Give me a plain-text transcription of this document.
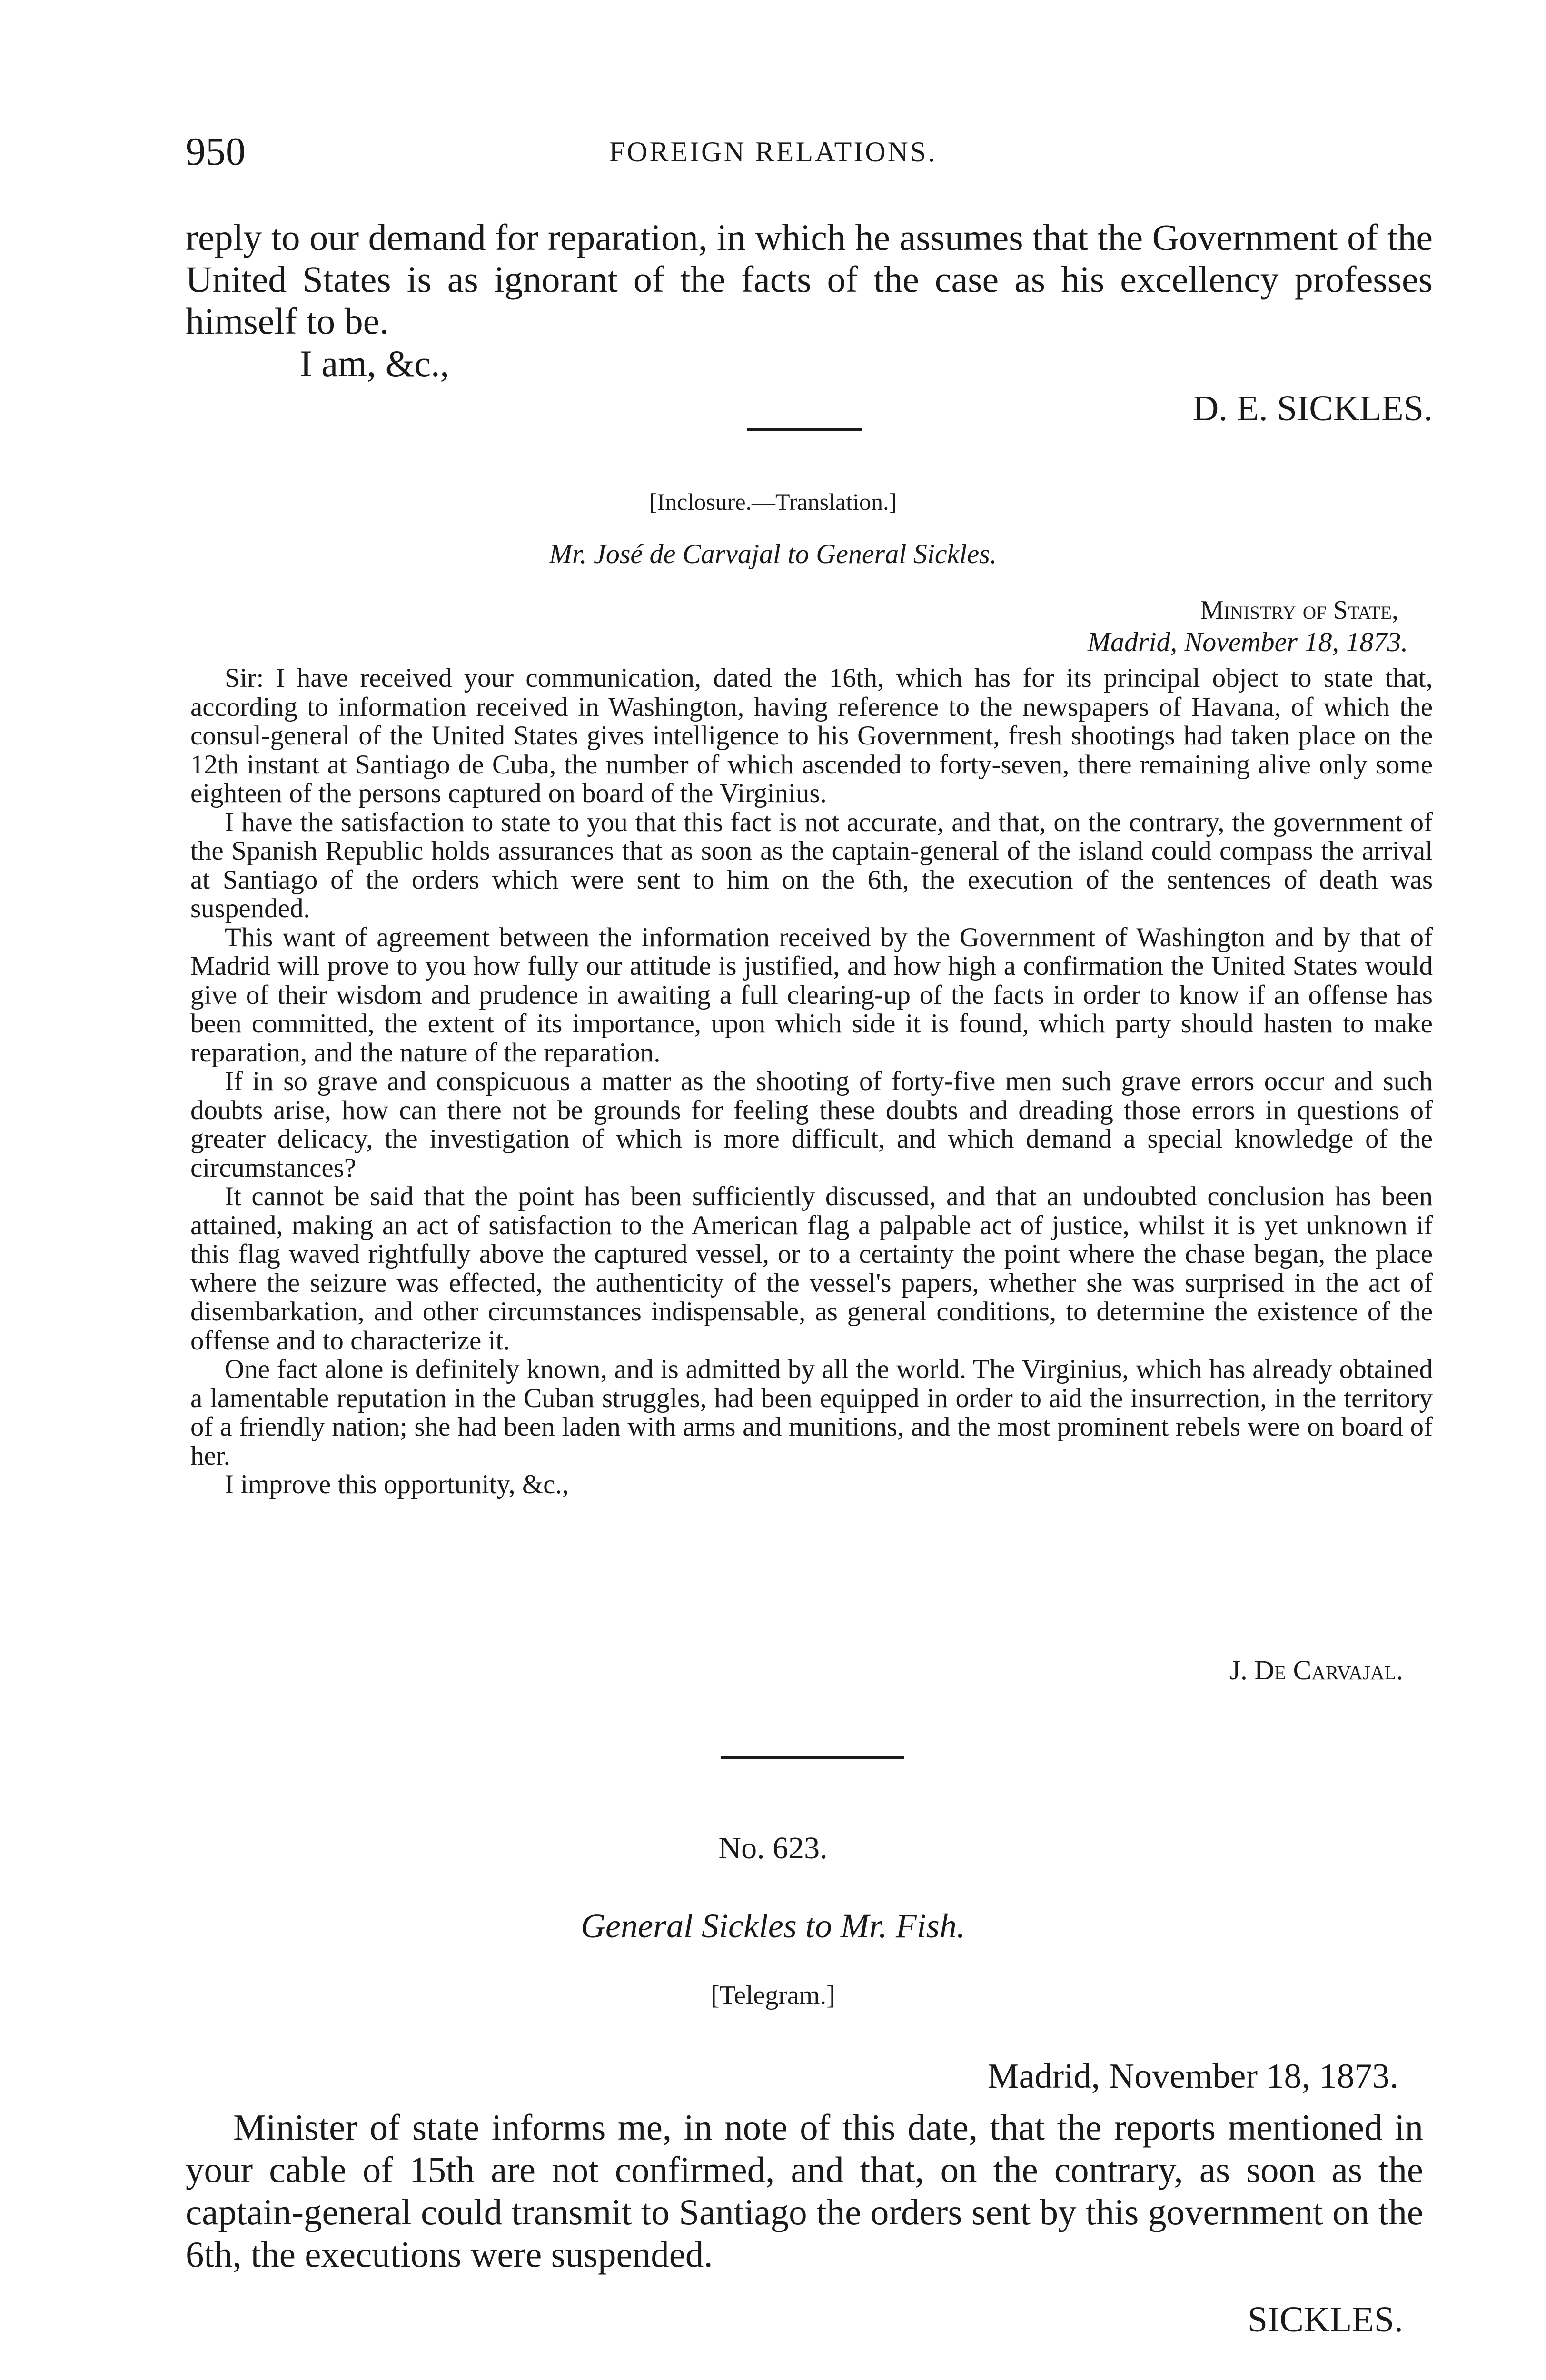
950	FOREIGN RELATIONS.
reply to our demand for reparation, in which he assumes that the Government of the United States is as ignorant of the facts of the case as his excellency professes himself to be.
I am, &c.,
D. E. SICKLES.
[Inclosure.—Translation.]
Mr. José de Carvajal to General Sickles.
Ministry of State,
Madrid, November 18, 1873.

Sir: I have received your communication, dated the 16th, which has for its principal object to state that, according to information received in Washington, having reference to the newspapers of Havana, of which the consul-general of the United States gives intelligence to his Government, fresh shootings had taken place on the 12th instant at Santiago de Cuba, the number of which ascended to forty-seven, there remaining alive only some eighteen of the persons captured on board of the Virginius.

I have the satisfaction to state to you that this fact is not accurate, and that, on the contrary, the government of the Spanish Republic holds assurances that as soon as the captain-general of the island could compass the arrival at Santiago of the orders which were sent to him on the 6th, the execution of the sentences of death was suspended.

This want of agreement between the information received by the Government of Washington and by that of Madrid will prove to you how fully our attitude is justified, and how high a confirmation the United States would give of their wisdom and prudence in awaiting a full clearing-up of the facts in order to know if an offense has been committed, the extent of its importance, upon which side it is found, which party should hasten to make reparation, and the nature of the reparation.

If in so grave and conspicuous a matter as the shooting of forty-five men such grave errors occur and such doubts arise, how can there not be grounds for feeling these doubts and dreading those errors in questions of greater delicacy, the investigation of which is more difficult, and which demand a special knowledge of the circumstances?

It cannot be said that the point has been sufficiently discussed, and that an undoubted conclusion has been attained, making an act of satisfaction to the American flag a palpable act of justice, whilst it is yet unknown if this flag waved rightfully above the captured vessel, or to a certainty the point where the chase began, the place where the seizure was effected, the authenticity of the vessel's papers, whether she was surprised in the act of disembarkation, and other circumstances indispensable, as general conditions, to determine the existence of the offense and to characterize it.

One fact alone is definitely known, and is admitted by all the world. The Virginius, which has already obtained a lamentable reputation in the Cuban struggles, had been equipped in order to aid the insurrection, in the territory of a friendly nation; she had been laden with arms and munitions, and the most prominent rebels were on board of her.

I improve this opportunity, &c.,

J. De Carvajal.
No. 623.
General Sickles to Mr. Fish.
[Telegram.]
Madrid, November 18, 1873.
Minister of state informs me, in note of this date, that the reports mentioned in your cable of 15th are not confirmed, and that, on the contrary, as soon as the captain-general could transmit to Santiago the orders sent by this government on the 6th, the executions were suspended.
SICKLES.
